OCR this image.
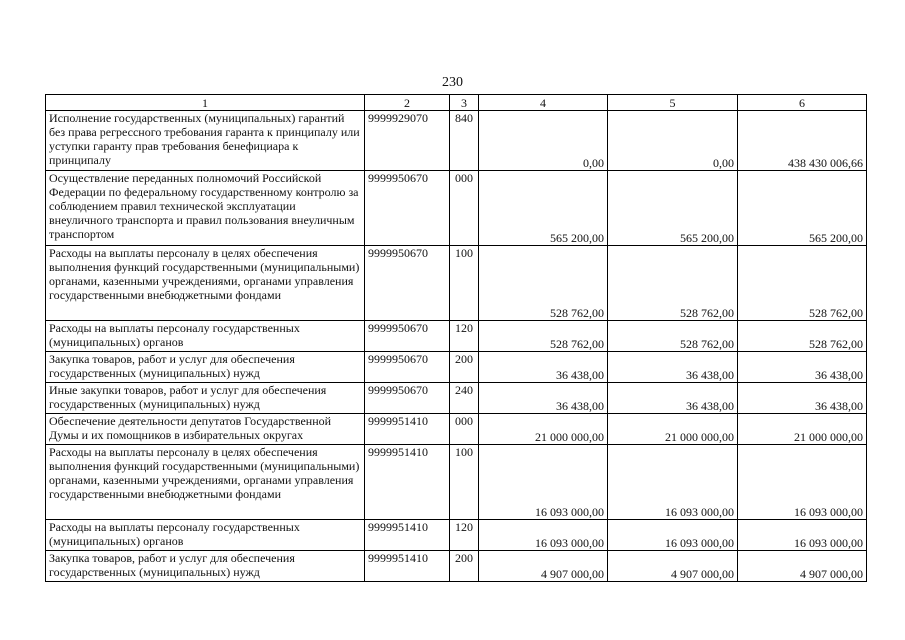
230
1	2	3	4	5	6
Исполнение государственных (муниципальных) гарантий без права регрессного требования гаранта к принципалу или уступки гаранту прав требования бенефициара к принципалу	9999929070	840	0,00	0,00	438 430 006,66
Осуществление переданных полномочий Российской Федерации по федеральному государственному контролю за соблюдением правил технической эксплуатации внеуличного транспорта и правил пользования внеуличным транспортом	9999950670	000	565 200,00	565 200,00	565 200,00
Расходы на выплаты персоналу в целях обеспечения выполнения функций государственными (муниципальными) органами, казенными учреждениями, органами управления государственными внебюджетными фондами	9999950670	100	528 762,00	528 762,00	528 762,00
Расходы на выплаты персоналу государственных (муниципальных) органов	9999950670	120	528 762,00	528 762,00	528 762,00
Закупка товаров, работ и услуг для обеспечения государственных (муниципальных) нужд	9999950670	200	36 438,00	36 438,00	36 438,00
Иные закупки товаров, работ и услуг для обеспечения государственных (муниципальных) нужд	9999950670	240	36 438,00	36 438,00	36 438,00
Обеспечение деятельности депутатов Государственной Думы и их помощников в избирательных округах	9999951410	000	21 000 000,00	21 000 000,00	21 000 000,00
Расходы на выплаты персоналу в целях обеспечения выполнения функций государственными (муниципальными) органами, казенными учреждениями, органами управления государственными внебюджетными фондами	9999951410	100	16 093 000,00	16 093 000,00	16 093 000,00
Расходы на выплаты персоналу государственных (муниципальных) органов	9999951410	120	16 093 000,00	16 093 000,00	16 093 000,00
Закупка товаров, работ и услуг для обеспечения государственных (муниципальных) нужд	9999951410	200	4 907 000,00	4 907 000,00	4 907 000,00
